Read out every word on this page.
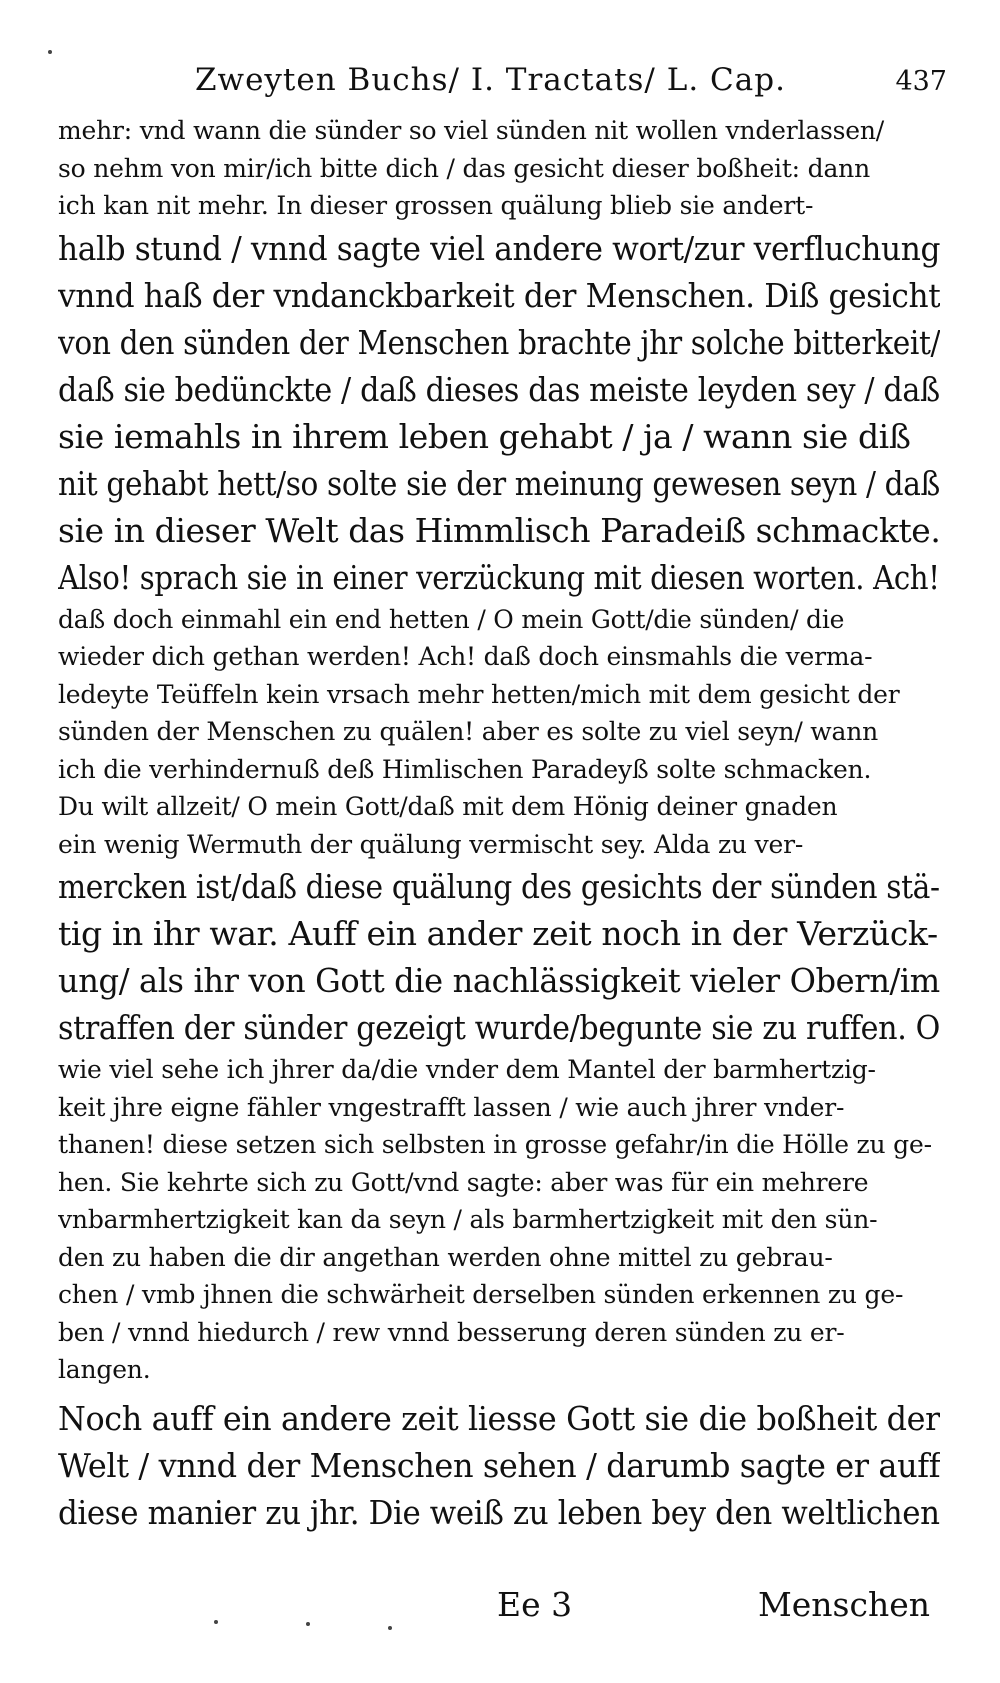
Zweyten Buchs/ I. Tractats/ L. Cap.	437
mehr: vnd wann die sünder so viel sünden nit wollen vnderlassen/
so nehm von mir/ich bitte dich / das gesicht dieser boßheit: dann
ich kan nit mehr. In dieser grossen quälung blieb sie andert-
halb stund / vnnd sagte viel andere wort/zur verfluchung
vnnd haß der vndanckbarkeit der Menschen. Diß gesicht
von den sünden der Menschen brachte jhr solche bitterkeit/
daß sie bedünckte / daß dieses das meiste leyden sey / daß
sie iemahls in ihrem leben gehabt / ja / wann sie diß
nit gehabt hett/so solte sie der meinung gewesen seyn / daß
sie in dieser Welt das Himmlisch Paradeiß schmackte.
Also! sprach sie in einer verzückung mit diesen worten. Ach!
daß doch einmahl ein end hetten / O mein Gott/die sünden/ die
wieder dich gethan werden! Ach! daß doch einsmahls die verma-
ledeyte Teüffeln kein vrsach mehr hetten/mich mit dem gesicht der
sünden der Menschen zu quälen! aber es solte zu viel seyn/ wann
ich die verhindernuß deß Himlischen Paradeyß solte schmacken.
Du wilt allzeit/ O mein Gott/daß mit dem Hönig deiner gnaden
ein wenig Wermuth der quälung vermischt sey. Alda zu ver-
mercken ist/daß diese quälung des gesichts der sünden stä-
tig in ihr war. Auff ein ander zeit noch in der Verzück-
ung/ als ihr von Gott die nachlässigkeit vieler Obern/im
straffen der sünder gezeigt wurde/begunte sie zu ruffen. O
wie viel sehe ich jhrer da/die vnder dem Mantel der barmhertzig-
keit jhre eigne fähler vngestrafft lassen / wie auch jhrer vnder-
thanen! diese setzen sich selbsten in grosse gefahr/in die Hölle zu ge-
hen. Sie kehrte sich zu Gott/vnd sagte: aber was für ein mehrere
vnbarmhertzigkeit kan da seyn / als barmhertzigkeit mit den sün-
den zu haben die dir angethan werden ohne mittel zu gebrau-
chen / vmb jhnen die schwärheit derselben sünden erkennen zu ge-
ben / vnnd hiedurch / rew vnnd besserung deren sünden zu er-
langen.
Noch auff ein andere zeit liesse Gott sie die boßheit der
Welt / vnnd der Menschen sehen / darumb sagte er auff
diese manier zu jhr. Die weiß zu leben bey den weltlichen
Ee 3	Menschen
